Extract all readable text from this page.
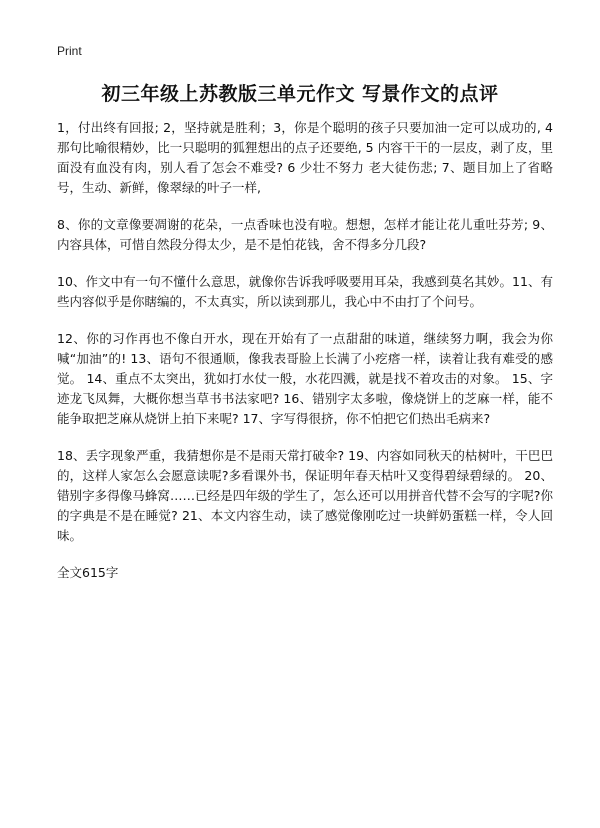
Print
初三年级上苏教版三单元作文 写景作文的点评

1，付出终有回报; 2，坚持就是胜利；3，你是个聪明的孩子只要加油一定可以成功的, 4 那句比喻很精妙，比一只聪明的狐狸想出的点子还要绝, 5 内容干干的一层皮，剥了皮，里面没有血没有肉，别人看了怎会不难受? 6 少壮不努力 老大徒伤悲; 7、题目加上了省略号，生动、新鲜，像翠绿的叶子一样,

8、你的文章像要凋谢的花朵，一点香味也没有啦。想想，怎样才能让花儿重吐芬芳; 9、内容具体，可惜自然段分得太少，是不是怕花钱，舍不得多分几段?

10、作文中有一句不懂什么意思，就像你告诉我呼吸要用耳朵，我感到莫名其妙。11、有些内容似乎是你瞎编的，不太真实，所以读到那儿，我心中不由打了个问号。

12、你的习作再也不像白开水，现在开始有了一点甜甜的味道，继续努力啊，我会为你喊“加油”的! 13、语句不很通顺，像我表哥脸上长满了小疙瘩一样，读着让我有难受的感觉。 14、重点不太突出，犹如打水仗一般，水花四溅，就是找不着攻击的对象。 15、字迹龙飞凤舞，大概你想当草书书法家吧? 16、错别字太多啦，像烧饼上的芝麻一样，能不能争取把芝麻从烧饼上拍下来呢? 17、字写得很挤，你不怕把它们热出毛病来?

18、丢字现象严重，我猜想你是不是雨天常打破伞? 19、内容如同秋天的枯树叶，干巴巴的，这样人家怎么会愿意读呢?多看课外书，保证明年春天枯叶又变得碧绿碧绿的。 20、错别字多得像马蜂窝……已经是四年级的学生了，怎么还可以用拼音代替不会写的字呢?你的字典是不是在睡觉? 21、本文内容生动，读了感觉像刚吃过一块鲜奶蛋糕一样，令人回味。

全文615字
